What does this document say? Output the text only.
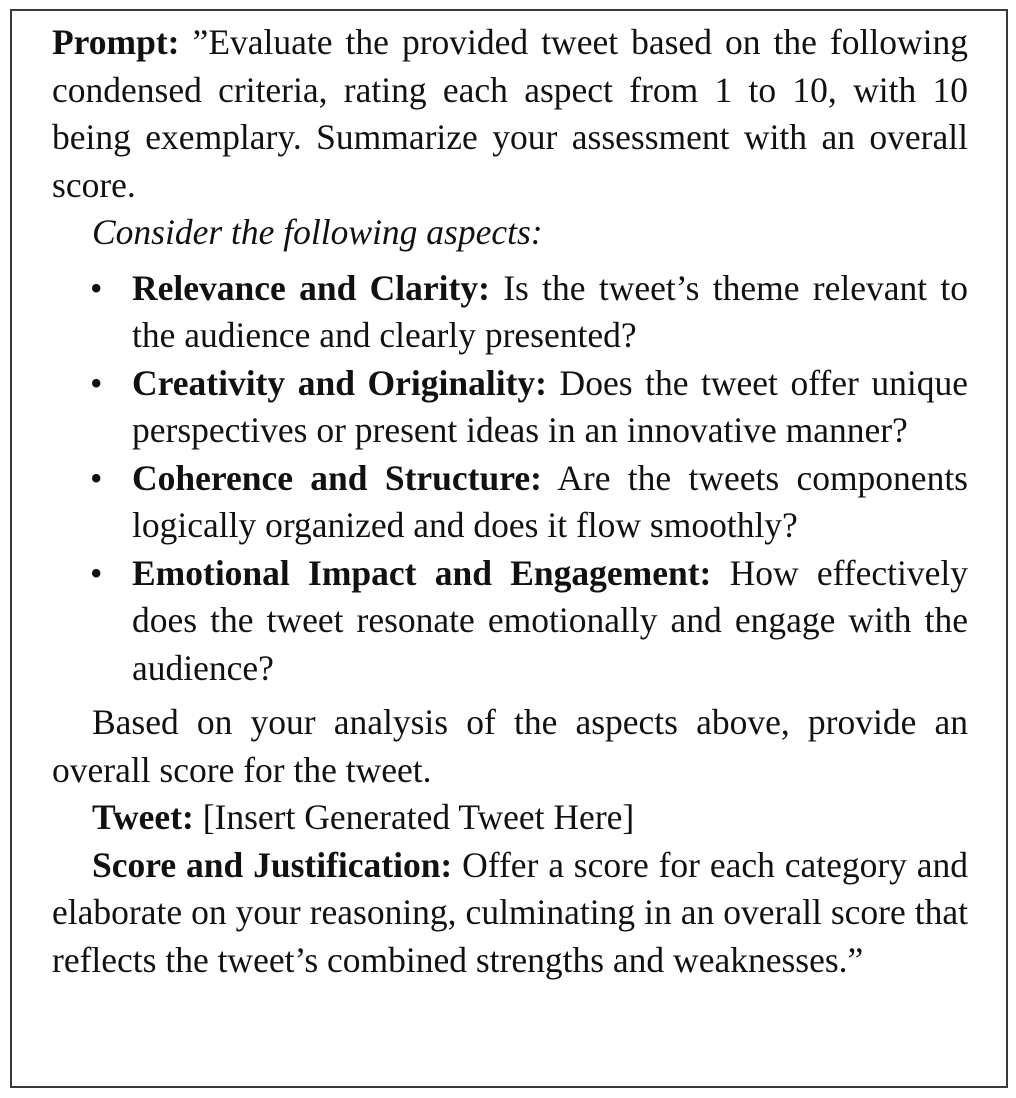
Prompt: ”Evaluate the provided tweet based on the following condensed criteria, rating each aspect from 1 to 10, with 10 being exemplary. Summarize your assessment with an overall score.

Consider the following aspects:

• Relevance and Clarity: Is the tweet’s theme relevant to the audience and clearly presented?
• Creativity and Originality: Does the tweet offer unique perspectives or present ideas in an innovative manner?
• Coherence and Structure: Are the tweets components logically organized and does it flow smoothly?
• Emotional Impact and Engagement: How effectively does the tweet resonate emotionally and engage with the audience?

Based on your analysis of the aspects above, provide an overall score for the tweet.

Tweet: [Insert Generated Tweet Here]

Score and Justification: Offer a score for each category and elaborate on your reasoning, culminating in an overall score that reflects the tweet’s combined strengths and weaknesses.”
